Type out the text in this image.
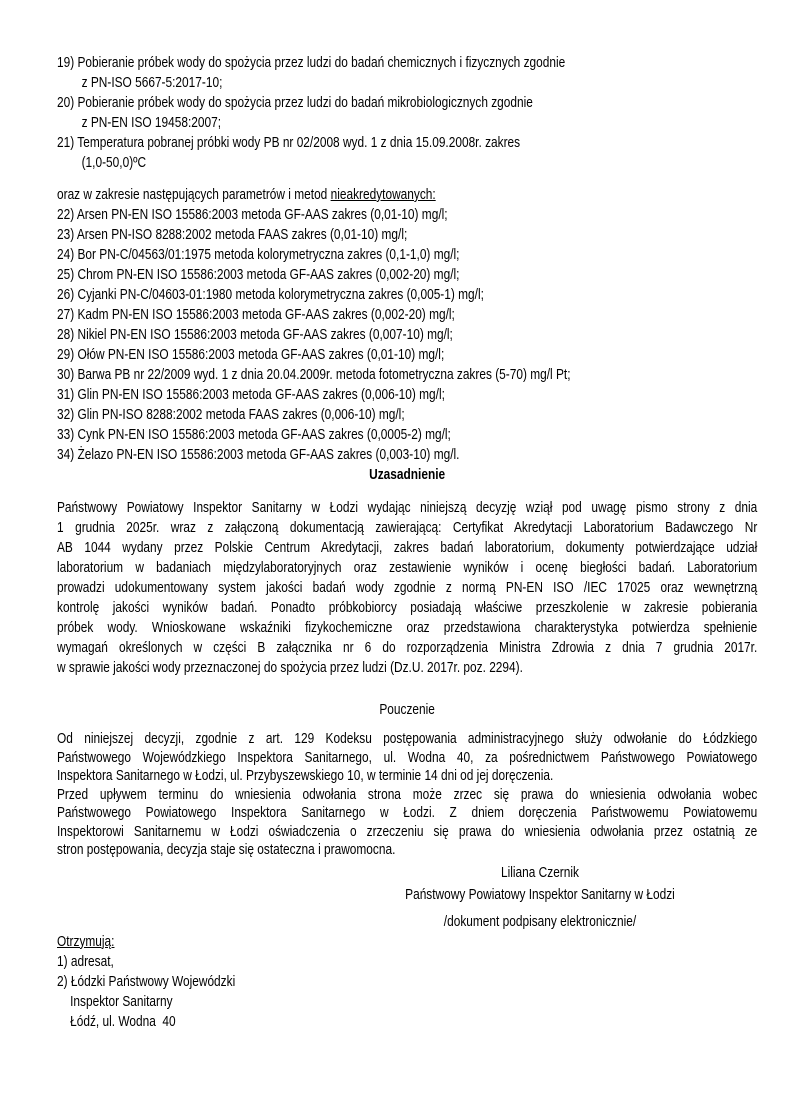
19) Pobieranie próbek wody do spożycia przez ludzi do badań chemicznych i fizycznych zgodnie
z PN-ISO 5667-5:2017-10;
20) Pobieranie próbek wody do spożycia przez ludzi do badań mikrobiologicznych zgodnie
z PN-EN ISO 19458:2007;
21) Temperatura pobranej próbki wody PB nr 02/2008 wyd. 1 z dnia 15.09.2008r. zakres
(1,0-50,0)ºC
oraz w zakresie następujących parametrów i metod nieakredytowanych:
22) Arsen PN-EN ISO 15586:2003 metoda GF-AAS zakres (0,01-10) mg/l;
23) Arsen PN-ISO 8288:2002 metoda FAAS zakres (0,01-10) mg/l;
24) Bor PN-C/04563/01:1975 metoda kolorymetryczna zakres (0,1-1,0) mg/l;
25) Chrom PN-EN ISO 15586:2003 metoda GF-AAS zakres (0,002-20) mg/l;
26) Cyjanki PN-C/04603-01:1980 metoda kolorymetryczna zakres (0,005-1) mg/l;
27) Kadm PN-EN ISO 15586:2003 metoda GF-AAS zakres (0,002-20) mg/l;
28) Nikiel PN-EN ISO 15586:2003 metoda GF-AAS zakres (0,007-10) mg/l;
29) Ołów PN-EN ISO 15586:2003 metoda GF-AAS zakres (0,01-10) mg/l;
30) Barwa PB nr 22/2009 wyd. 1 z dnia 20.04.2009r. metoda fotometryczna zakres (5-70) mg/l Pt;
31) Glin PN-EN ISO 15586:2003 metoda GF-AAS zakres (0,006-10) mg/l;
32) Glin PN-ISO 8288:2002 metoda FAAS zakres (0,006-10) mg/l;
33) Cynk PN-EN ISO 15586:2003 metoda GF-AAS zakres (0,0005-2) mg/l;
34) Żelazo PN-EN ISO 15586:2003 metoda GF-AAS zakres (0,003-10) mg/l.
Uzasadnienie
Państwowy Powiatowy Inspektor Sanitarny w Łodzi wydając niniejszą decyzję wziął pod uwagę pismo strony z dnia
1 grudnia 2025r. wraz z załączoną dokumentacją zawierającą: Certyfikat Akredytacji Laboratorium Badawczego Nr
AB 1044 wydany przez Polskie Centrum Akredytacji, zakres badań laboratorium, dokumenty potwierdzające udział
laboratorium w badaniach międzylaboratoryjnych oraz zestawienie wyników i ocenę biegłości badań. Laboratorium
prowadzi udokumentowany system jakości badań wody zgodnie z normą PN-EN ISO /IEC 17025 oraz wewnętrzną
kontrolę jakości wyników badań. Ponadto próbkobiorcy posiadają właściwe przeszkolenie w zakresie pobierania
próbek wody. Wnioskowane wskaźniki fizykochemiczne oraz przedstawiona charakterystyka potwierdza spełnienie
wymagań określonych w części B załącznika nr 6 do rozporządzenia Ministra Zdrowia z dnia 7 grudnia 2017r.
w sprawie jakości wody przeznaczonej do spożycia przez ludzi (Dz.U. 2017r. poz. 2294).
Pouczenie
Od niniejszej decyzji, zgodnie z art. 129 Kodeksu postępowania administracyjnego służy odwołanie do Łódzkiego
Państwowego Wojewódzkiego Inspektora Sanitarnego, ul. Wodna 40, za pośrednictwem Państwowego Powiatowego
Inspektora Sanitarnego w Łodzi, ul. Przybyszewskiego 10, w terminie 14 dni od jej doręczenia.
Przed upływem terminu do wniesienia odwołania strona może zrzec się prawa do wniesienia odwołania wobec
Państwowego Powiatowego Inspektora Sanitarnego w Łodzi. Z dniem doręczenia Państwowemu Powiatowemu
Inspektorowi Sanitarnemu w Łodzi oświadczenia o zrzeczeniu się prawa do wniesienia odwołania przez ostatnią ze
stron postępowania, decyzja staje się ostateczna i prawomocna.
Liliana Czernik
Państwowy Powiatowy Inspektor Sanitarny w Łodzi
/dokument podpisany elektronicznie/
Otrzymują:
1) adresat,
2) Łódzki Państwowy Wojewódzki
Inspektor Sanitarny
Łódź, ul. Wodna  40
